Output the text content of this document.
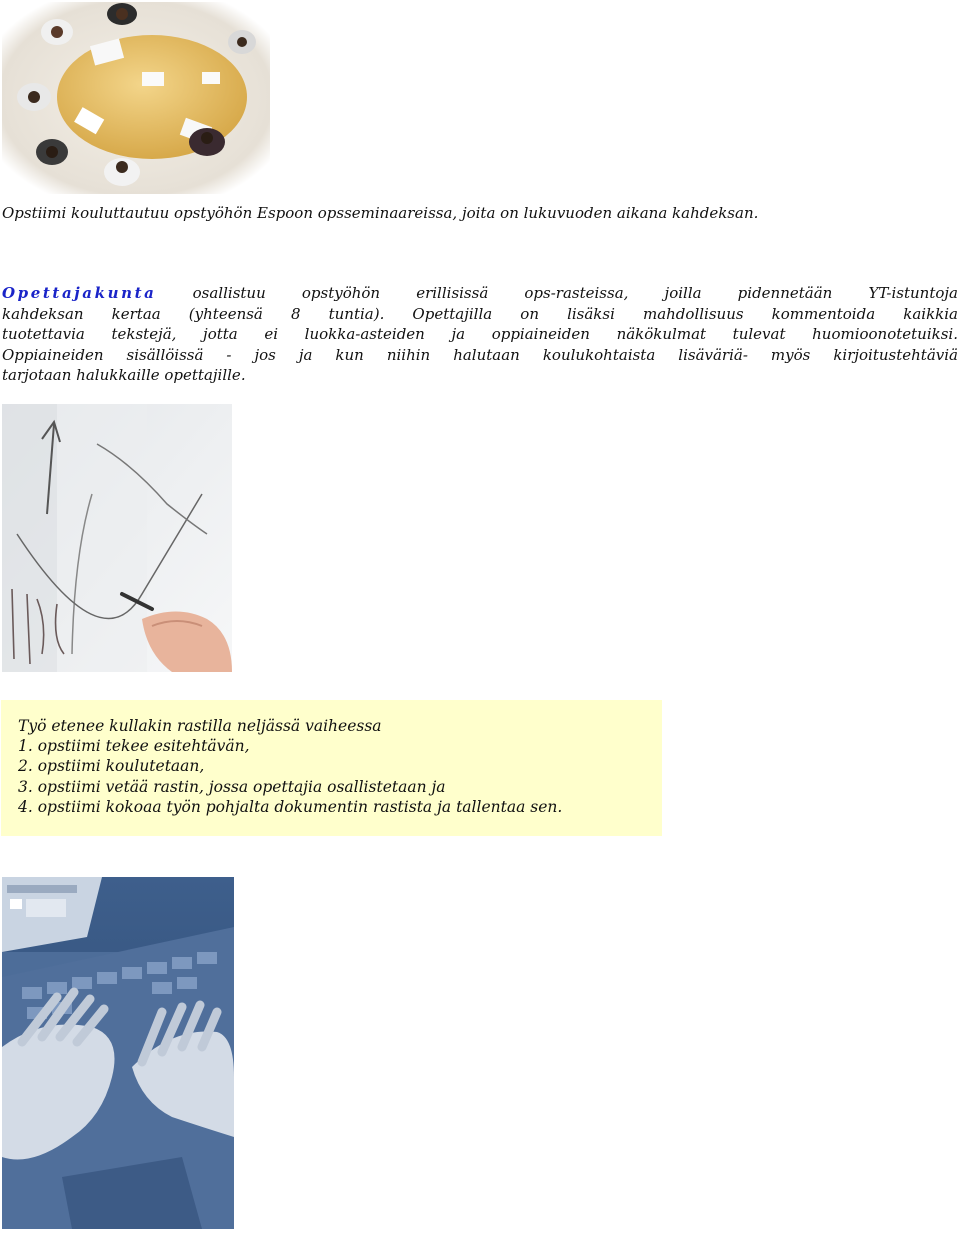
Opstiimi kouluttautuu opstyöhön Espoon opsseminaareissa, joita on lukuvuoden aikana kahdeksan.
Opettajakunta osallistuu opstyöhön erillisissä ops-rasteissa, joilla pidennetään YT-istuntoja
kahdeksan kertaa (yhteensä 8 tuntia). Opettajilla on lisäksi mahdollisuus kommentoida kaikkia
tuotettavia tekstejä, jotta ei luokka-asteiden ja oppiaineiden näkökulmat tulevat huomioonotetuiksi.
Oppiaineiden sisällöissä - jos ja kun niihin halutaan koulukohtaista lisäväriä- myös kirjoitustehtäviä
tarjotaan halukkaille opettajille.
Työ etenee kullakin rastilla neljässä vaiheessa
1. opstiimi tekee esitehtävän,
2. opstiimi koulutetaan,
3. opstiimi vetää rastin, jossa opettajia osallistetaan ja
4. opstiimi kokoaa työn pohjalta dokumentin rastista ja tallentaa sen.
